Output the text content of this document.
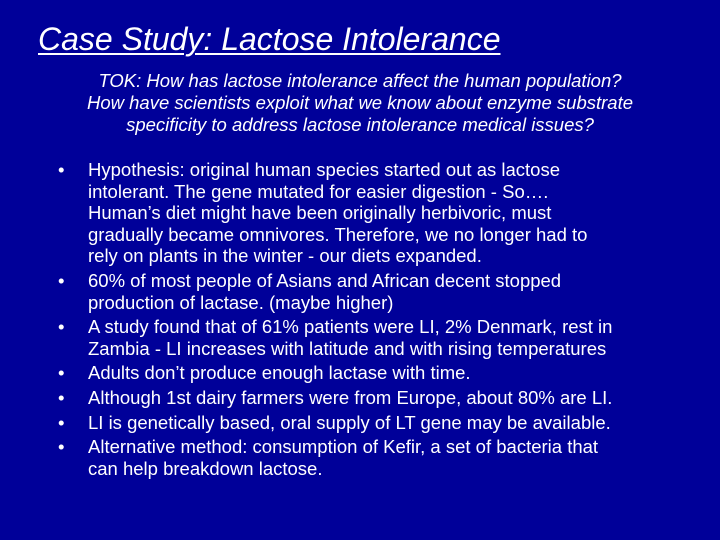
Case Study: Lactose Intolerance
TOK: How has lactose intolerance affect the human population?
How have scientists exploit what we know about enzyme substrate
specificity to address lactose intolerance medical issues?
• Hypothesis: original human species started out as lactose
intolerant. The gene mutated for easier digestion - So….
Human’s diet might have been originally herbivoric, must
gradually became omnivores. Therefore, we no longer had to
rely on plants in the winter - our diets expanded.
• 60% of most people of Asians and African decent stopped
production of lactase. (maybe higher)
• A study found that of 61% patients were LI, 2% Denmark, rest in
Zambia - LI increases with latitude and with rising temperatures
• Adults don’t produce enough lactase with time.
• Although 1st dairy farmers were from Europe, about 80% are LI.
• LI is genetically based, oral supply of LT gene may be available.
• Alternative method: consumption of Kefir, a set of bacteria that
can help breakdown lactose.
